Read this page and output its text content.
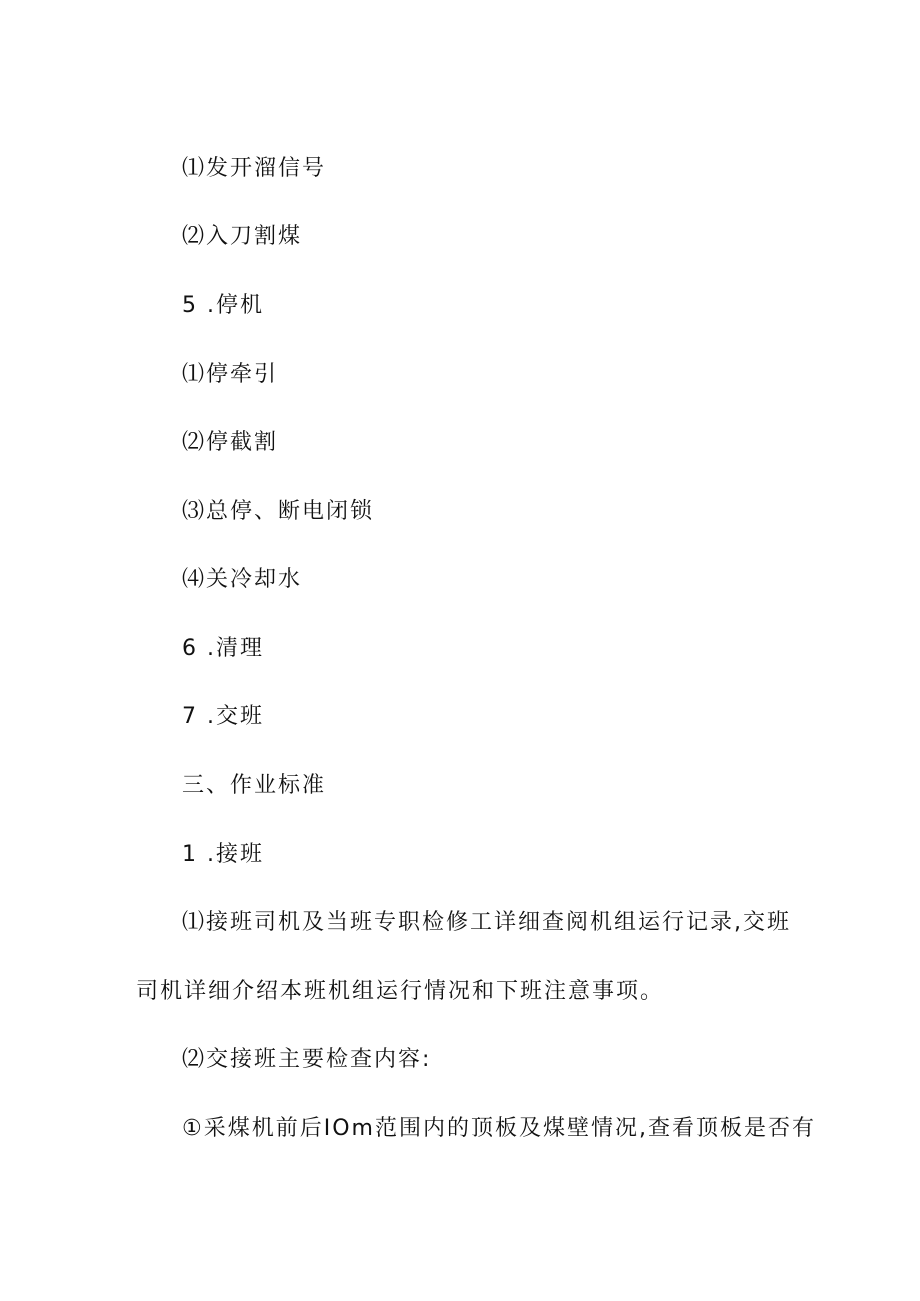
⑴发开溜信号
⑵入刀割煤
5 .停机
⑴停牵引
⑵停截割
⑶总停、断电闭锁
⑷关冷却水
6 .清理
7 .交班
三、作业标准
1 .接班
⑴接班司机及当班专职检修工详细查阅机组运行记录,交班
司机详细介绍本班机组运行情况和下班注意事项。
⑵交接班主要检查内容:
①采煤机前后IOm范围内的顶板及煤壁情况,查看顶板是否有
